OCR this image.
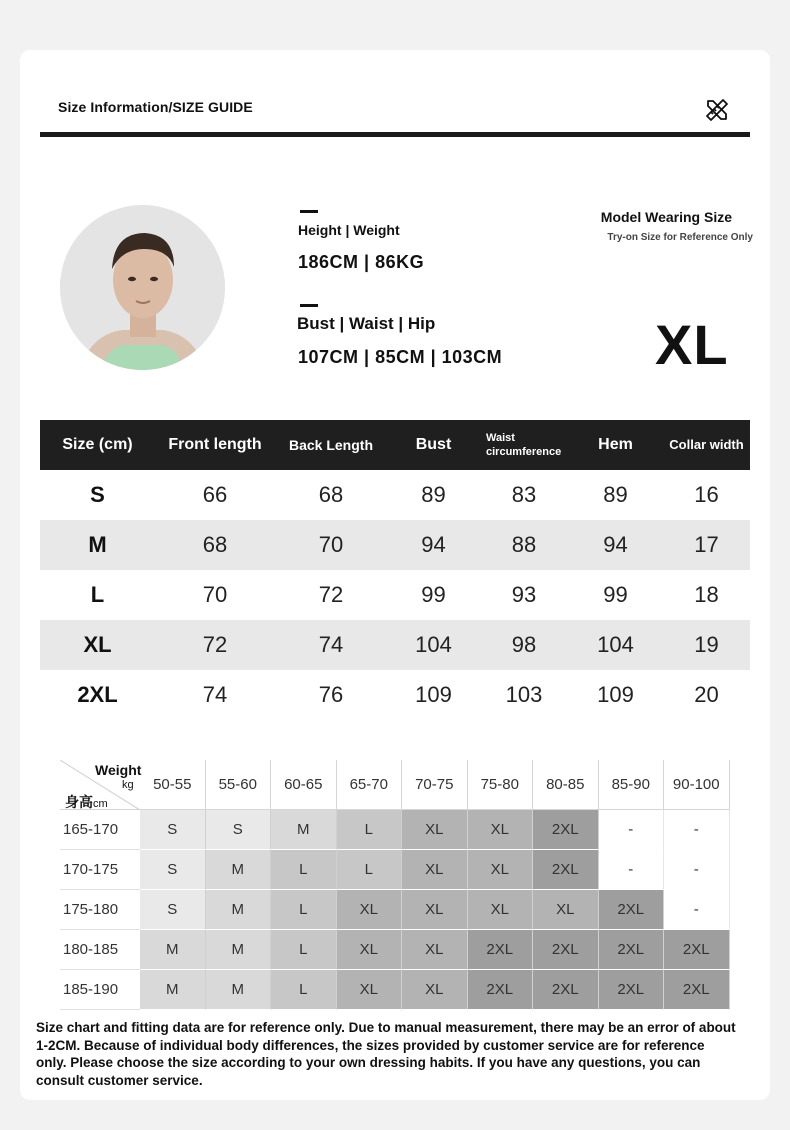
Size Information/SIZE GUIDE
Height | Weight
186CM | 86KG
Bust | Waist | Hip
107CM | 85CM | 103CM
Model Wearing Size
Try-on Size for Reference Only
XL
Size (cm)	Front length	Back Length	Bust	Waist circumference	Hem	Collar width
S	66	68	89	83	89	16
M	68	70	94	88	94	17
L	70	72	99	93	99	18
XL	72	74	104	98	104	19
2XL	74	76	109	103	109	20
Weight
kg
身高cm
50-55	55-60	60-65	65-70	70-75	75-80	80-85	85-90	90-100
165-170	S	S	M	L	XL	XL	2XL	-	-
170-175	S	M	L	L	XL	XL	2XL	-	-
175-180	S	M	L	XL	XL	XL	XL	2XL	-
180-185	M	M	L	XL	XL	2XL	2XL	2XL	2XL
185-190	M	M	L	XL	XL	2XL	2XL	2XL	2XL
Size chart and fitting data are for reference only. Due to manual measurement, there may be an error of about 1-2CM. Because of individual body differences, the sizes provided by customer service are for reference only. Please choose the size according to your own dressing habits. If you have any questions, you can consult customer service.
